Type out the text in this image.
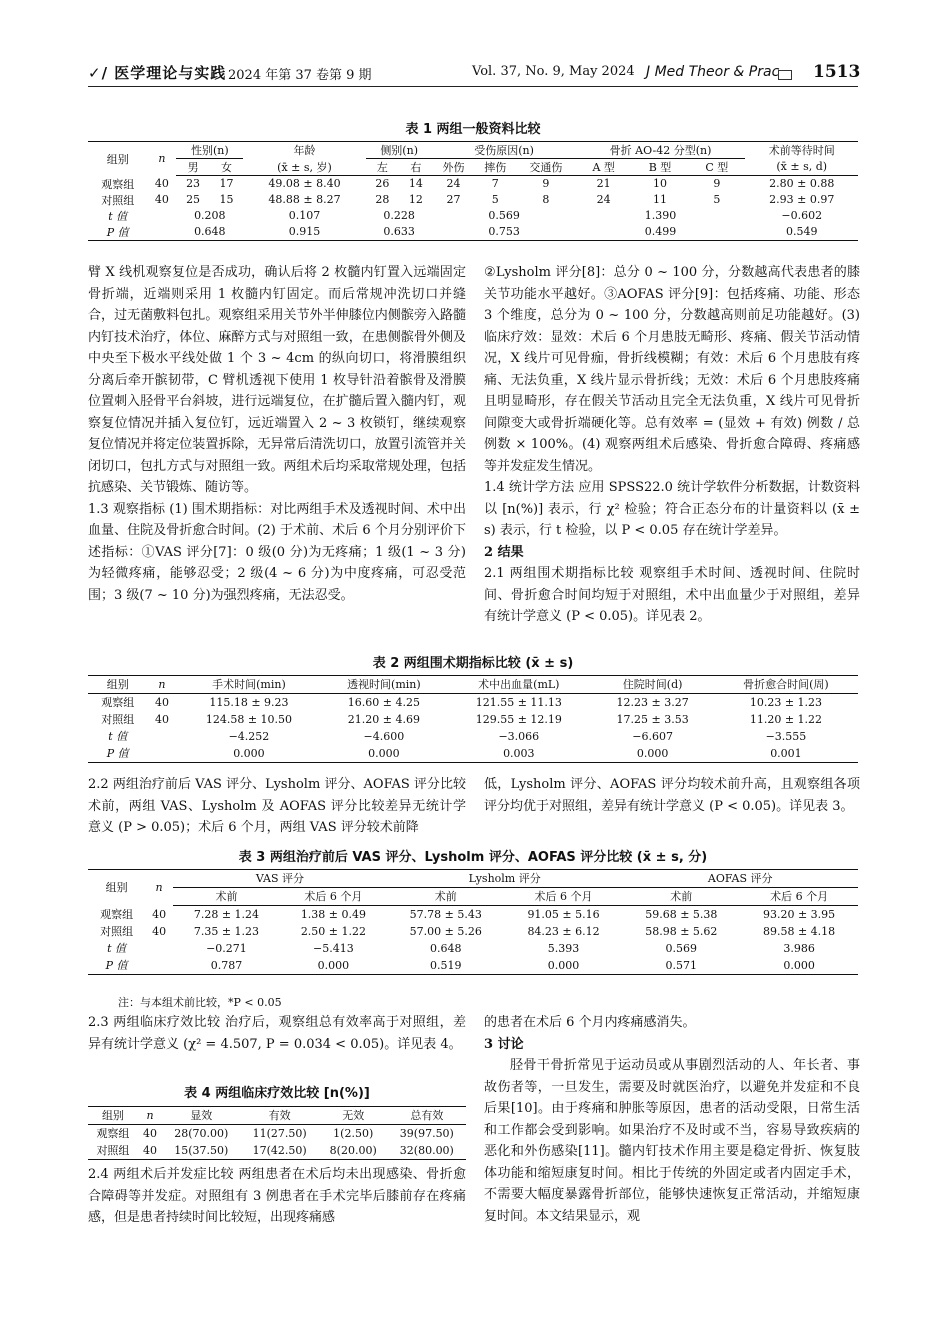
✓/ 医学理论与实践 2024 年第 37 卷第 9 期	Vol. 37, No. 9, May 2024 J Med Theor & Prac 1513
表 1 两组一般资料比较
组别	n	性别(n)		年龄	侧别(n)		受伤原因(n)			骨折 AO-42 分型(n)			术前等待时间
		男	女	(x̄ ± s, 岁)	左	右	外伤	摔伤	交通伤	A 型	B 型	C 型	(x̄ ± s, d)
观察组	40	23	17	49.08 ± 8.40	26	14	24	7	9	21	10	9	2.80 ± 0.88
对照组	40	25	15	48.88 ± 8.27	28	12	27	5	8	24	11	5	2.93 ± 0.97
t 值		0.208		0.107	0.228		0.569			1.390			−0.602
P 值		0.648		0.915	0.633		0.753			0.499			0.549

臂 X 线机观察复位是否成功，确认后将 2 枚髓内钉置入远端固定骨折端，近端则采用 1 枚髓内钉固定。而后常规冲洗切口并缝合，过无菌敷料包扎。观察组采用关节外半伸膝位内侧髌旁入路髓内钉技术治疗，体位、麻醉方式与对照组一致，在患侧髌骨外侧及中央至下极水平线处做 1 个 3 ~ 4cm 的纵向切口，将滑膜组织分离后牵开髌韧带，C 臂机透视下使用 1 枚导针沿着髌骨及滑膜位置刺入胫骨平台斜坡，进行远端复位，在扩髓后置入髓内钉，观察复位情况并插入复位钉，远近端置入 2 ~ 3 枚锁钉，继续观察复位情况并将定位装置拆除，无异常后清洗切口，放置引流管并关闭切口，包扎方式与对照组一致。两组术后均采取常规处理，包括抗感染、关节锻炼、随访等。

1.3 观察指标 (1) 围术期指标：对比两组手术及透视时间、术中出血量、住院及骨折愈合时间。(2) 于术前、术后 6 个月分别评价下述指标：①VAS 评分[7]：0 级(0 分)为无疼痛；1 级(1 ~ 3 分)为轻微疼痛，能够忍受；2 级(4 ~ 6 分)为中度疼痛，可忍受范围；3 级(7 ~ 10 分)为强烈疼痛，无法忍受。

②Lysholm 评分[8]：总分 0 ~ 100 分，分数越高代表患者的膝关节功能水平越好。③AOFAS 评分[9]：包括疼痛、功能、形态 3 个维度，总分为 0 ~ 100 分，分数越高则前足功能越好。(3) 临床疗效：显效：术后 6 个月患肢无畸形、疼痛、假关节活动情况，X 线片可见骨痂，骨折线模糊；有效：术后 6 个月患肢有疼痛、无法负重，X 线片显示骨折线；无效：术后 6 个月患肢疼痛且明显畸形，存在假关节活动且完全无法负重，X 线片可见骨折间隙变大或骨折端硬化等。总有效率 = (显效 + 有效) 例数 / 总例数 × 100%。(4) 观察两组术后感染、骨折愈合障碍、疼痛感等并发症发生情况。

1.4 统计学方法 应用 SPSS22.0 统计学软件分析数据，计数资料以 [n(%)] 表示，行 χ² 检验；符合正态分布的计量资料以 (x̄ ± s) 表示，行 t 检验，以 P < 0.05 存在统计学差异。

2 结果

2.1 两组围术期指标比较 观察组手术时间、透视时间、住院时间、骨折愈合时间均短于对照组，术中出血量少于对照组，差异有统计学意义 (P < 0.05)。详见表 2。

表 2 两组围术期指标比较 (x̄ ± s)
组别	n	手术时间(min)	透视时间(min)	术中出血量(mL)	住院时间(d)	骨折愈合时间(周)
观察组	40	115.18 ± 9.23	16.60 ± 4.25	121.55 ± 11.13	12.23 ± 3.27	10.23 ± 1.23
对照组	40	124.58 ± 10.50	21.20 ± 4.69	129.55 ± 12.19	17.25 ± 3.53	11.20 ± 1.22
t 值		−4.252	−4.600	−3.066	−6.607	−3.555
P 值		0.000	0.000	0.003	0.000	0.001

2.2 两组治疗前后 VAS 评分、Lysholm 评分、AOFAS 评分比较 术前，两组 VAS、Lysholm 及 AOFAS 评分比较差异无统计学意义 (P > 0.05)；术后 6 个月，两组 VAS 评分较术前降

低，Lysholm 评分、AOFAS 评分均较术前升高，且观察组各项评分均优于对照组，差异有统计学意义 (P < 0.05)。详见表 3。

表 3 两组治疗前后 VAS 评分、Lysholm 评分、AOFAS 评分比较 (x̄ ± s, 分)
组别	n	VAS 评分		Lysholm 评分		AOFAS 评分	
		术前	术后 6 个月	术前	术后 6 个月	术前	术后 6 个月
观察组	40	7.28 ± 1.24	1.38 ± 0.49	57.78 ± 5.43	91.05 ± 5.16	59.68 ± 5.38	93.20 ± 3.95
对照组	40	7.35 ± 1.23	2.50 ± 1.22	57.00 ± 5.26	84.23 ± 6.12	58.98 ± 5.62	89.58 ± 4.18
t 值		−0.271	−5.413	0.648	5.393	0.569	3.986
P 值		0.787	0.000	0.519	0.000	0.571	0.000
注：与本组术前比较，*P < 0.05

2.3 两组临床疗效比较 治疗后，观察组总有效率高于对照组，差异有统计学意义 (χ² = 4.507, P = 0.034 < 0.05)。详见表 4。

表 4 两组临床疗效比较 [n(%)]
组别	n	显效	有效	无效	总有效
观察组	40	28(70.00)	11(27.50)	1(2.50)	39(97.50)
对照组	40	15(37.50)	17(42.50)	8(20.00)	32(80.00)

2.4 两组术后并发症比较 两组患者在术后均未出现感染、骨折愈合障碍等并发症。对照组有 3 例患者在手术完毕后膝前存在疼痛感，但是患者持续时间比较短，出现疼痛感

的患者在术后 6 个月内疼痛感消失。

3 讨论

胫骨干骨折常见于运动员或从事剧烈活动的人、年长者、事故伤者等，一旦发生，需要及时就医治疗，以避免并发症和不良后果[10]。由于疼痛和肿胀等原因，患者的活动受限，日常生活和工作都会受到影响。如果治疗不及时或不当，容易导致疾病的恶化和外伤感染[11]。髓内钉技术作用主要是稳定骨折、恢复肢体功能和缩短康复时间。相比于传统的外固定或者内固定手术，不需要大幅度暴露骨折部位，能够快速恢复正常活动，并缩短康复时间。本文结果显示，观
